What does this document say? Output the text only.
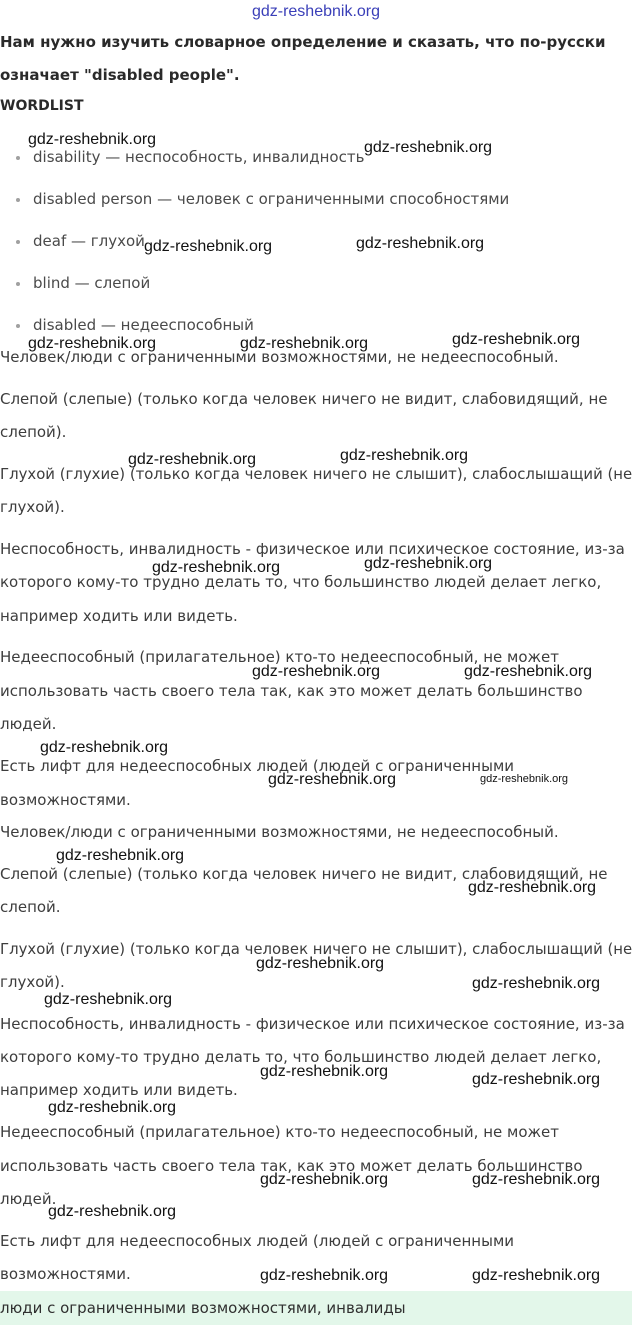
gdz-reshebnik.org
Нам нужно изучить словарное определение и сказать, что по-русски
означает "disabled people".
WORDLIST
disability — неспособность, инвалидность
disabled person — человек с ограниченными способностями
deaf — глухой
blind — слепой
disabled — недееспособный
Человек/люди с ограниченными возможностями, не недееспособный.
Слепой (слепые) (только когда человек ничего не видит, слабовидящий, не
слепой).
Глухой (глухие) (только когда человек ничего не слышит), слабослышащий (не
глухой).
Неспособность, инвалидность - физическое или психическое состояние, из-за
которого кому-то трудно делать то, что большинство людей делает легко,
например ходить или видеть.
Недееспособный (прилагательное) кто-то недееспособный, не может
использовать часть своего тела так, как это может делать большинство
людей.
Есть лифт для недееспособных людей (людей с ограниченными
возможностями.
Человек/люди с ограниченными возможностями, не недееспособный.
Слепой (слепые) (только когда человек ничего не видит, слабовидящий, не
слепой.
Глухой (глухие) (только когда человек ничего не слышит), слабослышащий (не
глухой).
Неспособность, инвалидность - физическое или психическое состояние, из-за
которого кому-то трудно делать то, что большинство людей делает легко,
например ходить или видеть.
Недееспособный (прилагательное) кто-то недееспособный, не может
использовать часть своего тела так, как это может делать большинство
людей.
Есть лифт для недееспособных людей (людей с ограниченными
возможностями.
люди с ограниченными возможностями, инвалиды
gdz-reshebnik.org	gdz-reshebnik.org
gdz-reshebnik.org	gdz-reshebnik.org
gdz-reshebnik.org	gdz-reshebnik.org	gdz-reshebnik.org
gdz-reshebnik.org	gdz-reshebnik.org
gdz-reshebnik.org	gdz-reshebnik.org
gdz-reshebnik.org	gdz-reshebnik.org
gdz-reshebnik.org
gdz-reshebnik.org	gdz-reshebnik.org
gdz-reshebnik.org
gdz-reshebnik.org
gdz-reshebnik.org
gdz-reshebnik.org
gdz-reshebnik.org
gdz-reshebnik.org	gdz-reshebnik.org
gdz-reshebnik.org
gdz-reshebnik.org	gdz-reshebnik.org
gdz-reshebnik.org
gdz-reshebnik.org	gdz-reshebnik.org
